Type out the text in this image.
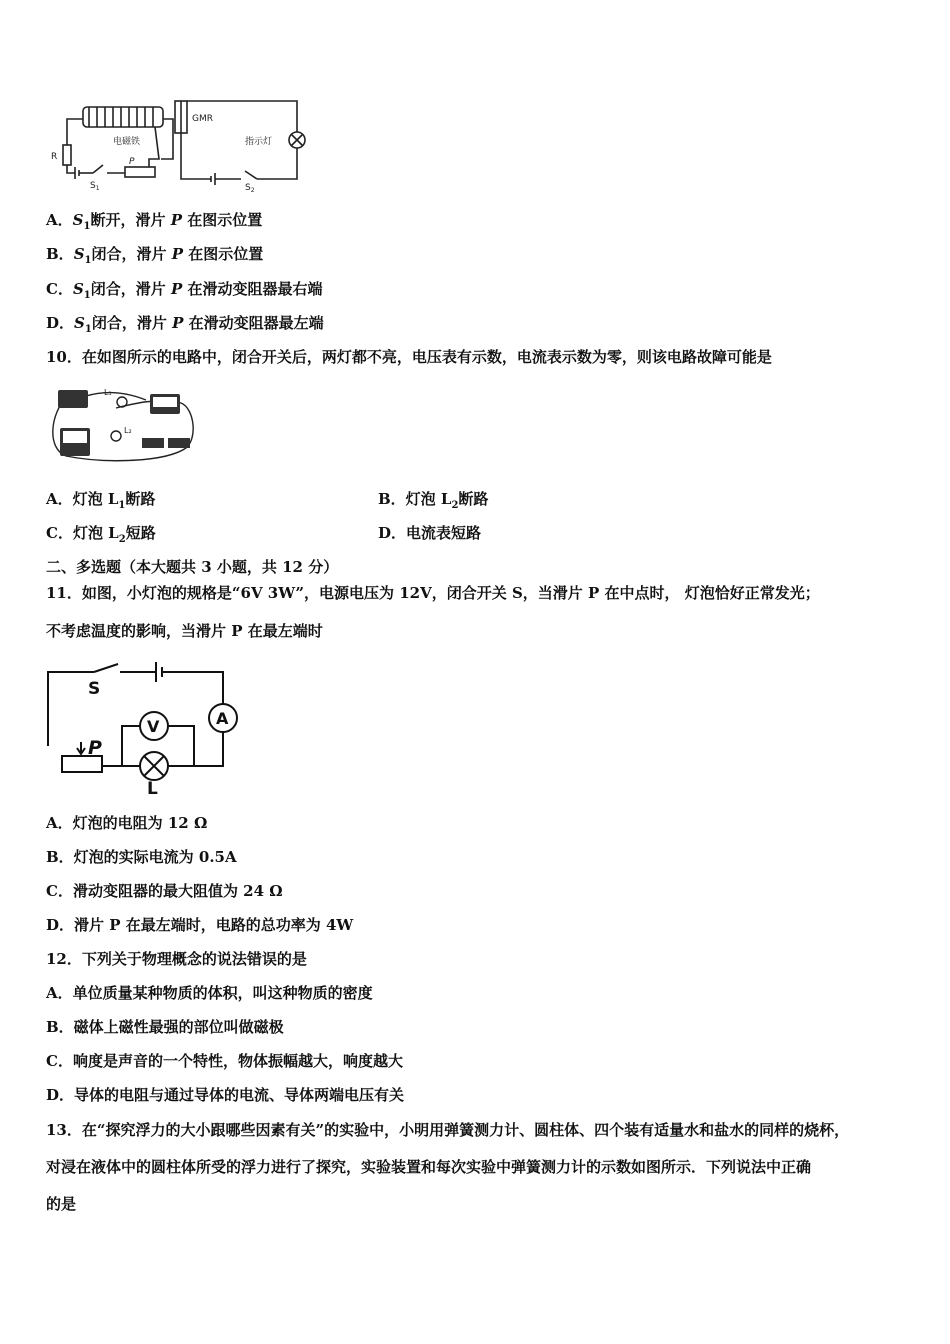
R
电磁铁
P
$S_1$
GMR
指示灯
$S_2$
A．$S_1$断开，滑片 P 在图示位置
B．$S_1$闭合，滑片 P 在图示位置
C．$S_1$闭合，滑片 P 在滑动变阻器最右端
D．$S_1$闭合，滑片 P 在滑动变阻器最左端
10．在如图所示的电路中，闭合开关后，两灯都不亮，电压表有示数，电流表示数为零，则该电路故障可能是
L₁
L₂
A．灯泡 $L_1$断路	B．灯泡 $L_2$断路
C．灯泡 $L_2$短路	D．电流表短路
二、多选题（本大题共 3 小题，共 12 分）
11．如图，小灯泡的规格是“6V 3W”，电源电压为 12V，闭合开关 S，当滑片 P 在中点时， 灯泡恰好正常发光；
不考虑温度的影响，当滑片 P 在最左端时
S
P
V	A
L
A．灯泡的电阻为 12 Ω
B．灯泡的实际电流为 0.5A
C．滑动变阻器的最大阻值为 24 Ω
D．滑片 P 在最左端时，电路的总功率为 4W
12．下列关于物理概念的说法错误的是
A．单位质量某种物质的体积，叫这种物质的密度
B．磁体上磁性最强的部位叫做磁极
C．响度是声音的一个特性，物体振幅越大，响度越大
D．导体的电阻与通过导体的电流、导体两端电压有关
13．在“探究浮力的大小跟哪些因素有关”的实验中，小明用弹簧测力计、圆柱体、四个装有适量水和盐水的同样的烧杯，
对浸在液体中的圆柱体所受的浮力进行了探究，实验装置和每次实验中弹簧测力计的示数如图所示．下列说法中正确
的是
